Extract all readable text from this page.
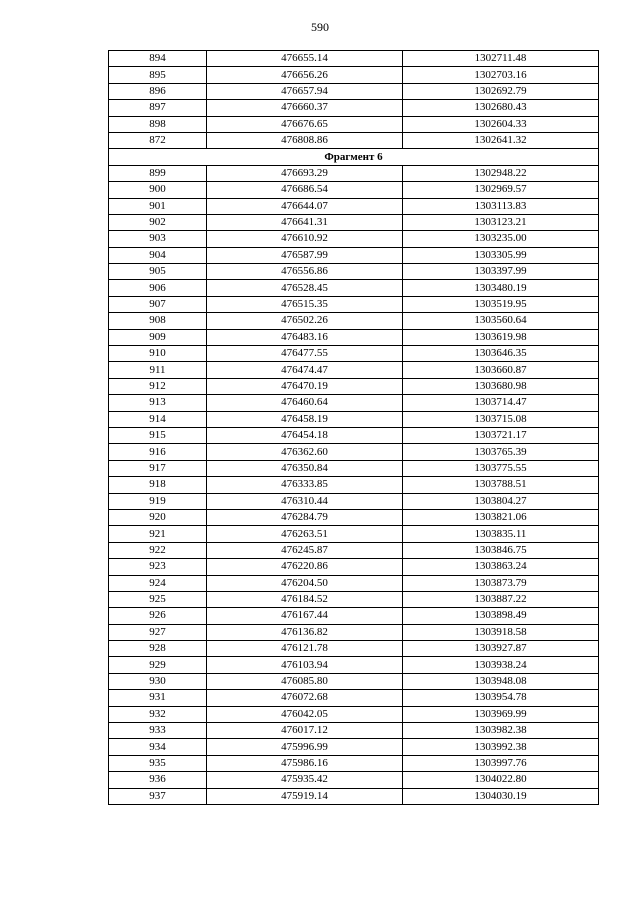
590
894	476655.14	1302711.48
895	476656.26	1302703.16
896	476657.94	1302692.79
897	476660.37	1302680.43
898	476676.65	1302604.33
872	476808.86	1302641.32
Фрагмент 6		
899	476693.29	1302948.22
900	476686.54	1302969.57
901	476644.07	1303113.83
902	476641.31	1303123.21
903	476610.92	1303235.00
904	476587.99	1303305.99
905	476556.86	1303397.99
906	476528.45	1303480.19
907	476515.35	1303519.95
908	476502.26	1303560.64
909	476483.16	1303619.98
910	476477.55	1303646.35
911	476474.47	1303660.87
912	476470.19	1303680.98
913	476460.64	1303714.47
914	476458.19	1303715.08
915	476454.18	1303721.17
916	476362.60	1303765.39
917	476350.84	1303775.55
918	476333.85	1303788.51
919	476310.44	1303804.27
920	476284.79	1303821.06
921	476263.51	1303835.11
922	476245.87	1303846.75
923	476220.86	1303863.24
924	476204.50	1303873.79
925	476184.52	1303887.22
926	476167.44	1303898.49
927	476136.82	1303918.58
928	476121.78	1303927.87
929	476103.94	1303938.24
930	476085.80	1303948.08
931	476072.68	1303954.78
932	476042.05	1303969.99
933	476017.12	1303982.38
934	475996.99	1303992.38
935	475986.16	1303997.76
936	475935.42	1304022.80
937	475919.14	1304030.19
